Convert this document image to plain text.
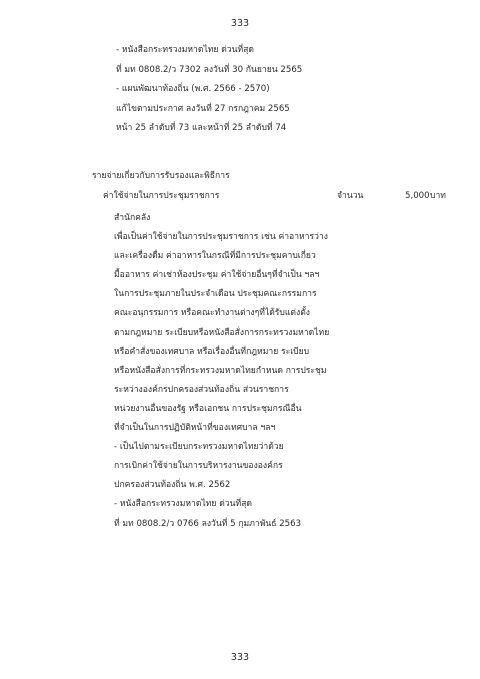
333
- หนังสือกระทรวงมหาดไทย ด่วนที่สุด
ที่ มท 0808.2/ว 7302 ลงวันที่ 30 กันยายน 2565
- แผนพัฒนาท้องถิ่น (พ.ศ. 2566 - 2570)
แก้ไขตามประกาศ ลงวันที่ 27 กรกฎาคม 2565
หน้า 25 ลำดับที่ 73 และหน้าที่ 25 ลำดับที่ 74
รายจ่ายเกี่ยวกับการรับรองและพิธีการ
ค่าใช้จ่ายในการประชุมราชการ	จำนวน	5,000 บาท
สำนักคลัง
เพื่อเป็นค่าใช้จ่ายในการประชุมราชการ เช่น ค่าอาหารว่าง
และเครื่องดื่ม ค่าอาหารในกรณีที่มีการประชุมคาบเกี่ยว
มื้ออาหาร ค่าเช่าห้องประชุม ค่าใช้จ่ายอื่นๆที่จำเป็น ฯลฯ
ในการประชุมภายในประจำเดือน ประชุมคณะกรรมการ
คณะอนุกรรมการ หรือคณะทำงานต่างๆที่ได้รับแต่งตั้ง
ตามกฎหมาย ระเบียบหรือหนังสือสั่งการกระทรวงมหาดไทย
หรือคำสั่งของเทศบาล หรือเรื่องอื่นที่กฎหมาย ระเบียบ
หรือหนังสือสั่งการที่กระทรวงมหาดไทยกำหนด การประชุม
ระหว่างองค์กรปกครองส่วนท้องถิ่น ส่วนราชการ
หน่วยงานอื่นของรัฐ หรือเอกชน การประชุมกรณีอื่น
ที่จำเป็นในการปฏิบัติหน้าที่ของเทศบาล ฯลฯ
- เป็นไปตามระเบียบกระทรวงมหาดไทยว่าด้วย
การเบิกค่าใช้จ่ายในการบริหารงานขององค์กร
ปกครองส่วนท้องถิ่น พ.ศ. 2562
- หนังสือกระทรวงมหาดไทย ด่วนที่สุด
ที่ มท 0808.2/ว 0766 ลงวันที่ 5 กุมภาพันธ์ 2563
333
